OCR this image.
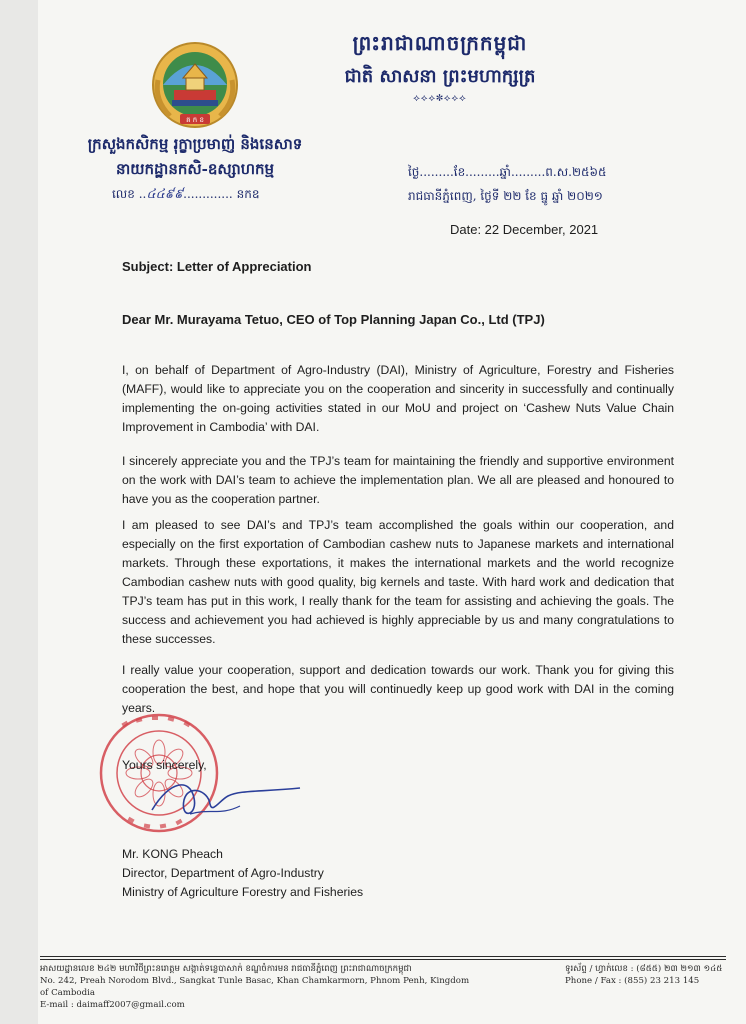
គ ក ខ
ព្រះរាជាណាចក្រកម្ពុជា
ជាតិ សាសនា ព្រះមហាក្សត្រ
⟡⟡⟡✽⟡⟡⟡
ក្រសួងកសិកម្ម រុក្ខាប្រមាញ់ និងនេសាទ
នាយកដ្ឋានកសិ-ឧស្សាហកម្ម
លេខ ..៤៤៩៩............. នកឧ
ថ្ងៃ.........ខែ.........ឆ្នាំ.........ព.ស.២៥៦៥
រាជធានីភ្នំពេញ, ថ្ងៃទី ២២ ខែ ធ្នូ ឆ្នាំ ២០២១
Date: 22 December, 2021
Subject: Letter of Appreciation
Dear Mr. Murayama Tetuo, CEO of Top Planning Japan Co., Ltd (TPJ)

I, on behalf of Department of Agro-Industry (DAI), Ministry of Agriculture, Forestry and Fisheries (MAFF), would like to appreciate you on the cooperation and sincerity in successfully and continually implementing the on-going activities stated in our MoU and project on ‘Cashew Nuts Value Chain Improvement in Cambodia’ with DAI.

I sincerely appreciate you and the TPJ’s team for maintaining the friendly and supportive environment on the work with DAI’s team to achieve the implementation plan. We all are pleased and honoured to have you as the cooperation partner.

I am pleased to see DAI’s and TPJ’s team accomplished the goals within our cooperation, and especially on the first exportation of Cambodian cashew nuts to Japanese markets and international markets. Through these exportations, it makes the international markets and the world recognize Cambodian cashew nuts with good quality, big kernels and taste. With hard work and dedication that TPJ’s team has put in this work, I really thank for the team for assisting and achieving the goals. The success and achievement you had achieved is highly appreciable by us and many congratulations to these successes.

I really value your cooperation, support and dedication towards our work. Thank you for giving this cooperation the best, and hope that you will continuedly keep up good work with DAI in the coming years.

Yours sincerely,
Mr. KONG Pheach
Director, Department of Agro-Industry
Ministry of Agriculture Forestry and Fisheries
អាសយដ្ឋានលេខ ២៤២ មហាវិថីព្រះនរោត្តម សង្កាត់ទន្លេបាសាក់ ខណ្ឌចំការមន រាជធានីភ្នំពេញ ព្រះរាជាណាចក្រកម្ពុជា
No. 242, Preah Norodom Blvd., Sangkat Tunle Basac, Khan Chamkarmorn, Phnom Penh, Kingdom of Cambodia
E-mail : daimaff2007@gmail.com
ទូរស័ព្ទ / ហ្វាក់លេខ : (៨៥៥) ២៣ ២១៣ ១៤៥
Phone / Fax : (855) 23 213 145
